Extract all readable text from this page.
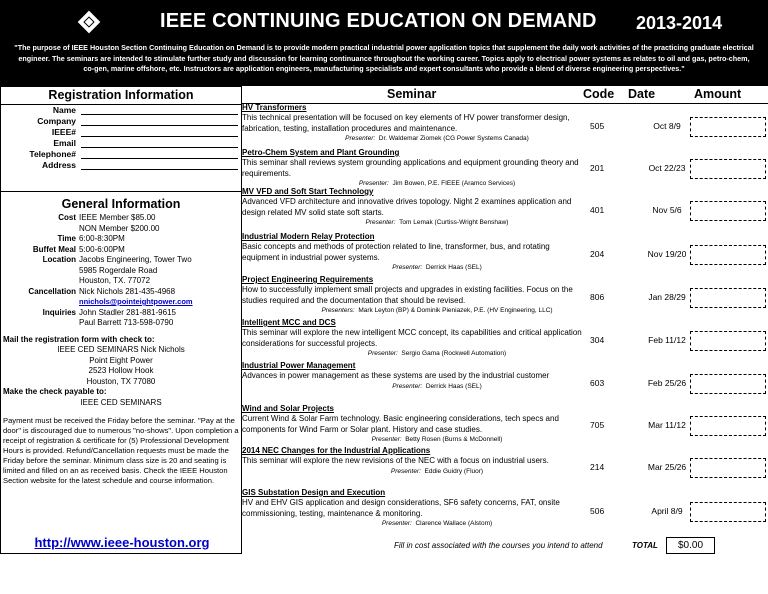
IEEE CONTINUING EDUCATION ON DEMAND 2013-2014
"The purpose of IEEE Houston Section Continuing Education on Demand is to provide modern practical industrial power application topics that supplement the daily work activities of the practicing graduate electrical engineer. The seminars are intended to stimulate further study and discussion for learning continuance throughout the working career. Topics apply to electrical power systems as relates to oil and gas, petro-chem, co-gen, marine offshore, etc. Instructors are application engineers, manufacturing specialists and expert consultants who provide a blend of diverse engineering perspectives."
Registration Information
Name
Company
IEEE#
Email
Telephone#
Address
General Information
Cost IEEE Member $85.00
NON Member $200.00
Time 6:00-8:30PM
Buffet Meal 5:00-6:00PM
Location Jacobs Engineering, Tower Two
5985 Rogerdale Road
Houston, TX. 77072
Cancellation Nick Nichols 281-435-4968
nnichols@pointeightpower.com
Inquiries John Stadler 281-881-9615
Paul Barrett 713-598-0790
Mail the registration form with check to:
IEEE CED SEMINARS Nick Nichols
Point Eight Power
2523 Hollow Hook
Houston, TX 77080
Make the check payable to:
IEEE CED SEMINARS
Payment must be received the Friday before the seminar. "Pay at the door" is discouraged due to numerous "no-shows". Upon completion a receipt of registration & certificate for (5) Professional Development Hours is provided. Refund/Cancellation requests must be made the Friday before the seminar. Minimum class size is 20 and seating is limited and filled on an as received basis. Check the IEEE Houston Section website for the latest schedule and course information.
http://www.ieee-houston.org
Seminar	Code Date	Amount
HV Transformers
This technical presentation will be focused on key elements of HV power transformer design, fabrication, testing, installation procedures and maintenance.
Presenter: Dr. Waldemar Ziomek (CG Power Systems Canada)
505	Oct 8/9
Petro-Chem System and Plant Grounding
This seminar shall reviews system grounding applications and equipment grounding theory and requirements.
Presenter: Jim Bowen, P.E. FIEEE (Aramco Services)
201	Oct 22/23
MV VFD and Soft Start Technology
Advanced VFD architecture and innovative drives topology. Night 2 examines application and design related MV solid state soft starts.
Presenter: Tom Lemak (Curtiss-Wright Benshaw)
401	Nov 5/6
Industrial Modern Relay Protection
Basic concepts and methods of protection related to line, transformer, bus, and rotating equipment in industrial power systems.
Presenter: Derrick Haas (SEL)
204	Nov 19/20
Project Engineering Requirements
How to successfully implement small projects and upgrades in existing facilities. Focus on the studies required and the documentation that should be revised.
Presenters: Mark Leyton (BP) & Dominik Pieniazek, P.E. (HV Engineering, LLC)
806	Jan 28/29
Intelligent MCC and DCS
This seminar will explore the new intelligent MCC concept, its capabilities and critical application considerations for successful projects.
Presenter: Sergio Gama (Rockwell Automation)
304	Feb 11/12
Industrial Power Management
Advances in power management as these systems are used by the industrial customer
Presenter: Derrick Haas (SEL)	603	Feb 25/26
Wind and Solar Projects
Current Wind & Solar Farm technology. Basic engineering considerations, tech specs and components for Wind Farm or Solar plant. History and case studies.
Presenter: Betty Rosen (Burns & McDonnell)
705	Mar 11/12
2014 NEC Changes for the Industrial Applications
This seminar will explore the new revisions of the NEC with a focus on industrial users.
Presenter: Eddie Guidry (Fluor)	214	Mar 25/26
GIS Substation Design and Execution
HV and EHV GIS application and design considerations, SF6 safety concerns, FAT, onsite commissioning, testing, maintenance & monitoring.
Presenter: Clarence Wallace (Alstom)
506	April 8/9
Fill in cost associated with the courses you intend to attend	TOTAL	$0.00
